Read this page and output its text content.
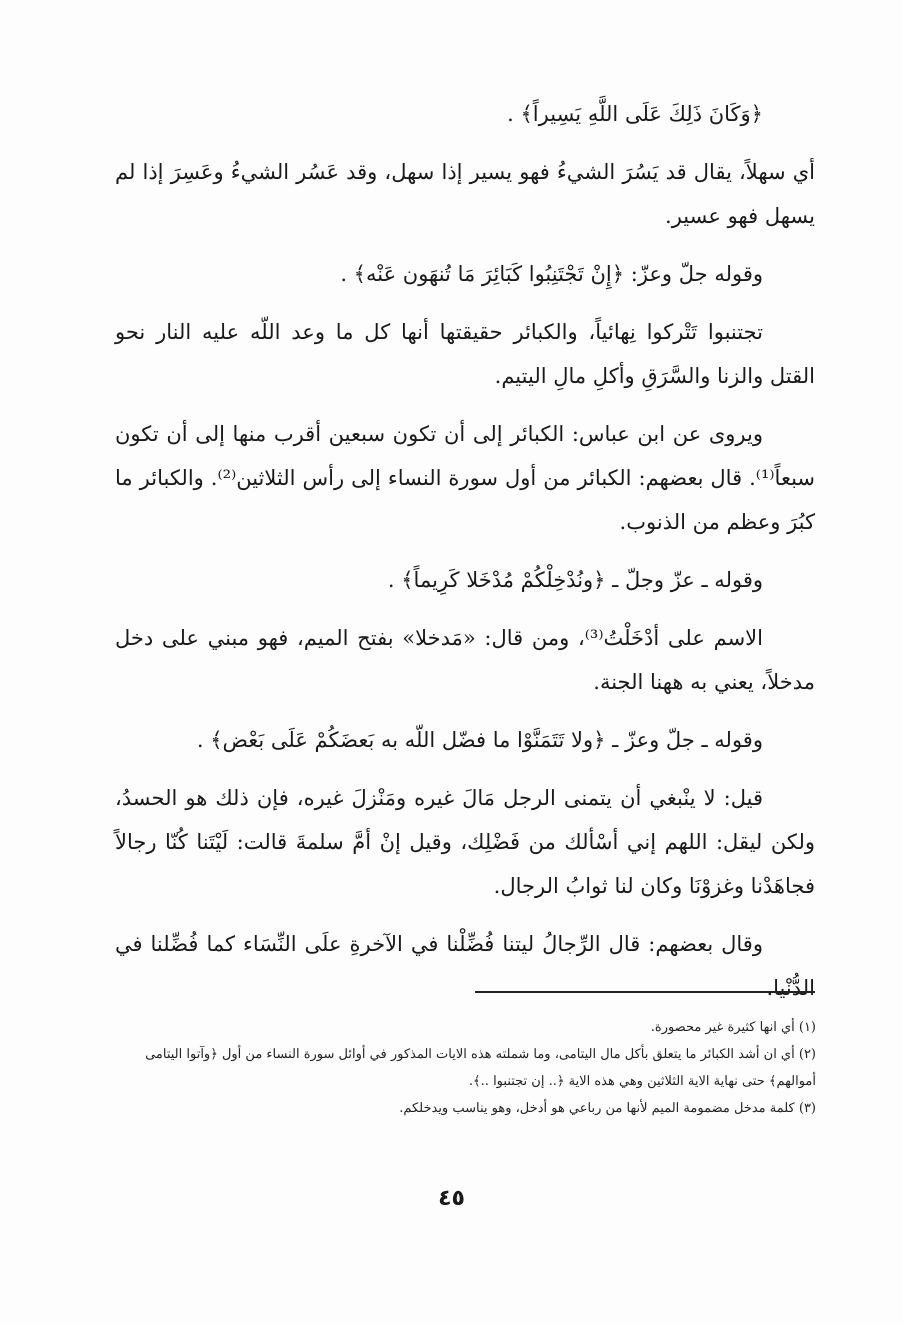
﴿وَكَانَ ذَلِكَ عَلَى اللَّهِ يَسِيراً﴾ .

أي سهلاً، يقال قد يَسُرَ الشيءُ فهو يسير إذا سهل، وقد عَسُر الشيءُ وعَسِرَ إذا لم يسهل فهو عسير.

وقوله جلّ وعزّ: ﴿إِنْ تَجْتَنِبُوا كَبَائِرَ مَا تُنهَون عَنْه﴾ .

تجتنبوا تَتْركوا نِهائياً، والكبائر حقيقتها أنها كل ما وعد اللّه عليه النار نحو القتل والزنا والسَّرَقِ وأكلِ مالِ اليتيم.

ويروى عن ابن عباس: الكبائر إلى أن تكون سبعين أقرب منها إلى أن تكون سبعاً⁽¹⁾. قال بعضهم: الكبائر من أول سورة النساء إلى رأس الثلاثين⁽²⁾. والكبائر ما كبُرَ وعظم من الذنوب.

وقوله ـ عزّ وجلّ ـ ﴿ونُدْخِلْكُمْ مُدْخَلا كَرِيماً﴾ .

الاسم على أدْخَلْتُ⁽³⁾، ومن قال: «مَدخلا» بفتح الميم، فهو مبني على دخل مدخلاً، يعني به ههنا الجنة.

وقوله ـ جلّ وعزّ ـ ﴿ولا تَتَمَنَّوْا ما فضّل اللّه به بَعضَكُمْ عَلَى بَعْض﴾ .

قيل: لا ينْبغي أن يتمنى الرجل مَالَ غيره ومَنْزلَ غيره، فإن ذلك هو الحسدُ، ولكن ليقل: اللهم إني أسْألك من فَضْلِك، وقيل إنْ أمَّ سلمةَ قالت: لَيْتَنا كُنّا رجالاً فجاهَدْنا وغزوْنَا وكان لنا ثوابُ الرجال.

وقال بعضهم: قال الرِّجالُ ليتنا فُضِّلْنا في الآخرةِ علَى النِّسَاء كما فُضِّلنا في الدُّنْيا.

(١) أي انها كثيرة غير محصورة.

(٢) أي ان أشد الكبائر ما يتعلق بأكل مال اليتامى، وما شملته هذه الايات المذكور في أوائل سورة النساء من أول ﴿وآتوا اليتامى أموالهم﴾ حتى نهاية الاية الثلاثين وهي هذه الاية ﴿.. إن تجتنبوا ..﴾.

(٣) كلمة مدخل مضمومة الميم لأنها من رباعي هو أدخل، وهو يناسب ويدخلكم.

٤٥
